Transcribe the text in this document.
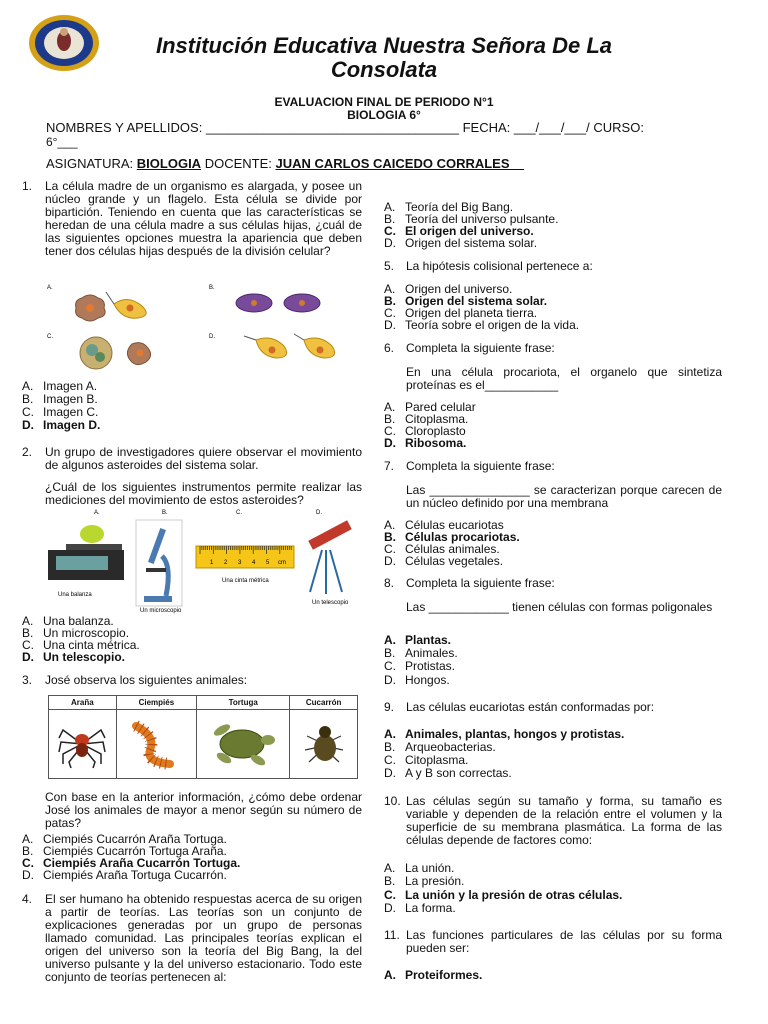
Institución Educativa Nuestra Señora De La
Consolata
EVALUACION FINAL DE PERIODO N°1
BIOLOGIA 6°
NOMBRES Y APELLIDOS: ___________________________________ FECHA: ___/___/___/ CURSO:
6°___
ASIGNATURA: BIOLOGIA DOCENTE: JUAN CARLOS CAICEDO CORRALES__
1. La célula madre de un organismo es alargada, y posee un núcleo grande y un flagelo. Esta célula se divide por bipartición. Teniendo en cuenta que las características se heredan de una célula madre a sus células hijas, ¿cuál de las siguientes opciones muestra la apariencia que deben tener dos células hijas después de la división celular?
A.	B.
C.	D.
A. Imagen A.
B. Imagen B.
C. Imagen C.
D. Imagen D.
2. Un grupo de investigadores quiere observar el movimiento de algunos asteroides del sistema solar.
¿Cuál de los siguientes instrumentos permite realizar las mediciones del movimiento de estos asteroides?
A.	B.	C.	D.
Una balanza
Un microscopio
1 2 3 4 5 cm
Una cinta métrica
Un telescopio
A. Una balanza.
B. Un microscopio.
C. Una cinta métrica.
D. Un telescopio.
3. José observa los siguientes animales:
Araña	Ciempiés	Tortuga	Cucarrón

Con base en la anterior información, ¿cómo debe ordenar José los animales de mayor a menor según su número de patas?
A. Ciempiés Cucarrón Araña Tortuga.
B. Ciempiés Cucarrón Tortuga Araña.
C. Ciempiés Araña Cucarrón Tortuga.
D. Ciempiés Araña Tortuga Cucarrón.
4. El ser humano ha obtenido respuestas acerca de su origen a partir de teorías. Las teorías son un conjunto de explicaciones generadas por un grupo de personas llamado comunidad. Las principales teorías explican el origen del universo son la teoría del Big Bang, la del universo pulsante y la del universo estacionario. Todo este conjunto de teorías pertenecen al:
A. Teoría del Big Bang.
B. Teoría del universo pulsante.
C. El origen del universo.
D. Origen del sistema solar.
5. La hipótesis colisional pertenece a:
A. Origen del universo.
B. Origen del sistema solar.
C. Origen del planeta tierra.
D. Teoría sobre el origen de la vida.
6. Completa la siguiente frase:
En una célula procariota, el organelo que sintetiza proteínas es el___________
A. Pared celular
B. Citoplasma.
C. Cloroplasto
D. Ribosoma.
7. Completa la siguiente frase:
Las _______________ se caracterizan porque carecen de un núcleo definido por una membrana
A. Células eucariotas
B. Células procariotas.
C. Células animales.
D. Células vegetales.
8. Completa la siguiente frase:
Las ____________ tienen células con formas poligonales
A. Plantas.
B. Animales.
C. Protistas.
D. Hongos.
9. Las células eucariotas están conformadas por:
A. Animales, plantas, hongos y protistas.
B. Arqueobacterias.
C. Citoplasma.
D. A y B son correctas.
10. Las células según su tamaño y forma, su tamaño es variable y dependen de la relación entre el volumen y la superficie de su membrana plasmática. La forma de las células depende de factores como:
A. La unión.
B. La presión.
C. La unión y la presión de otras células.
D. La forma.
11. Las funciones particulares de las células por su forma pueden ser:
A. Proteiformes.
